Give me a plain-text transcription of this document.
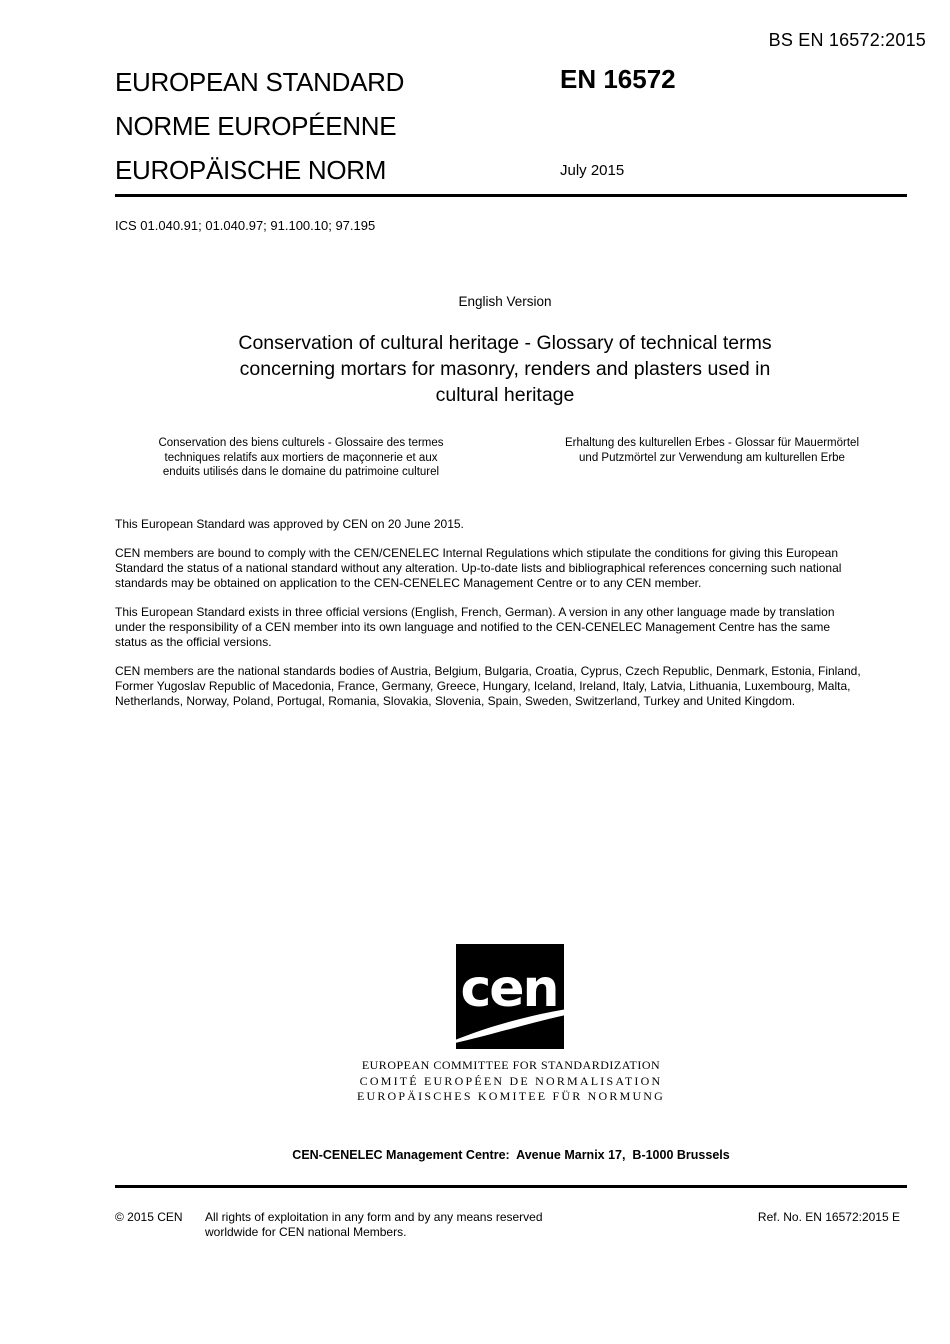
BS EN 16572:2015
EUROPEAN STANDARD
NORME EUROPÉENNE
EUROPÄISCHE NORM
EN 16572
July 2015
ICS 01.040.91; 01.040.97; 91.100.10; 97.195
English Version
Conservation of cultural heritage - Glossary of technical terms
concerning mortars for masonry, renders and plasters used in
cultural heritage
Conservation des biens culturels - Glossaire des termes
techniques relatifs aux mortiers de maçonnerie et aux
enduits utilisés dans le domaine du patrimoine culturel
Erhaltung des kulturellen Erbes - Glossar für Mauermörtel
und Putzmörtel zur Verwendung am kulturellen Erbe

This European Standard was approved by CEN on 20 June 2015.

CEN members are bound to comply with the CEN/CENELEC Internal Regulations which stipulate the conditions for giving this European Standard the status of a national standard without any alteration. Up-to-date lists and bibliographical references concerning such national standards may be obtained on application to the CEN-CENELEC Management Centre or to any CEN member.

This European Standard exists in three official versions (English, French, German). A version in any other language made by translation under the responsibility of a CEN member into its own language and notified to the CEN-CENELEC Management Centre has the same status as the official versions.

CEN members are the national standards bodies of Austria, Belgium, Bulgaria, Croatia, Cyprus, Czech Republic, Denmark, Estonia, Finland, Former Yugoslav Republic of Macedonia, France, Germany, Greece, Hungary, Iceland, Ireland, Italy, Latvia, Lithuania, Luxembourg, Malta, Netherlands, Norway, Poland, Portugal, Romania, Slovakia, Slovenia, Spain, Sweden, Switzerland, Turkey and United Kingdom.

cen
EUROPEAN COMMITTEE FOR STANDARDIZATION
COMITÉ EUROPÉEN DE NORMALISATION
EUROPÄISCHES KOMITEE FÜR NORMUNG
CEN-CENELEC Management Centre:  Avenue Marnix 17,  B-1000 Brussels
© 2015 CEN All rights of exploitation in any form and by any means reserved worldwide for CEN national Members.
Ref. No. EN 16572:2015 E
